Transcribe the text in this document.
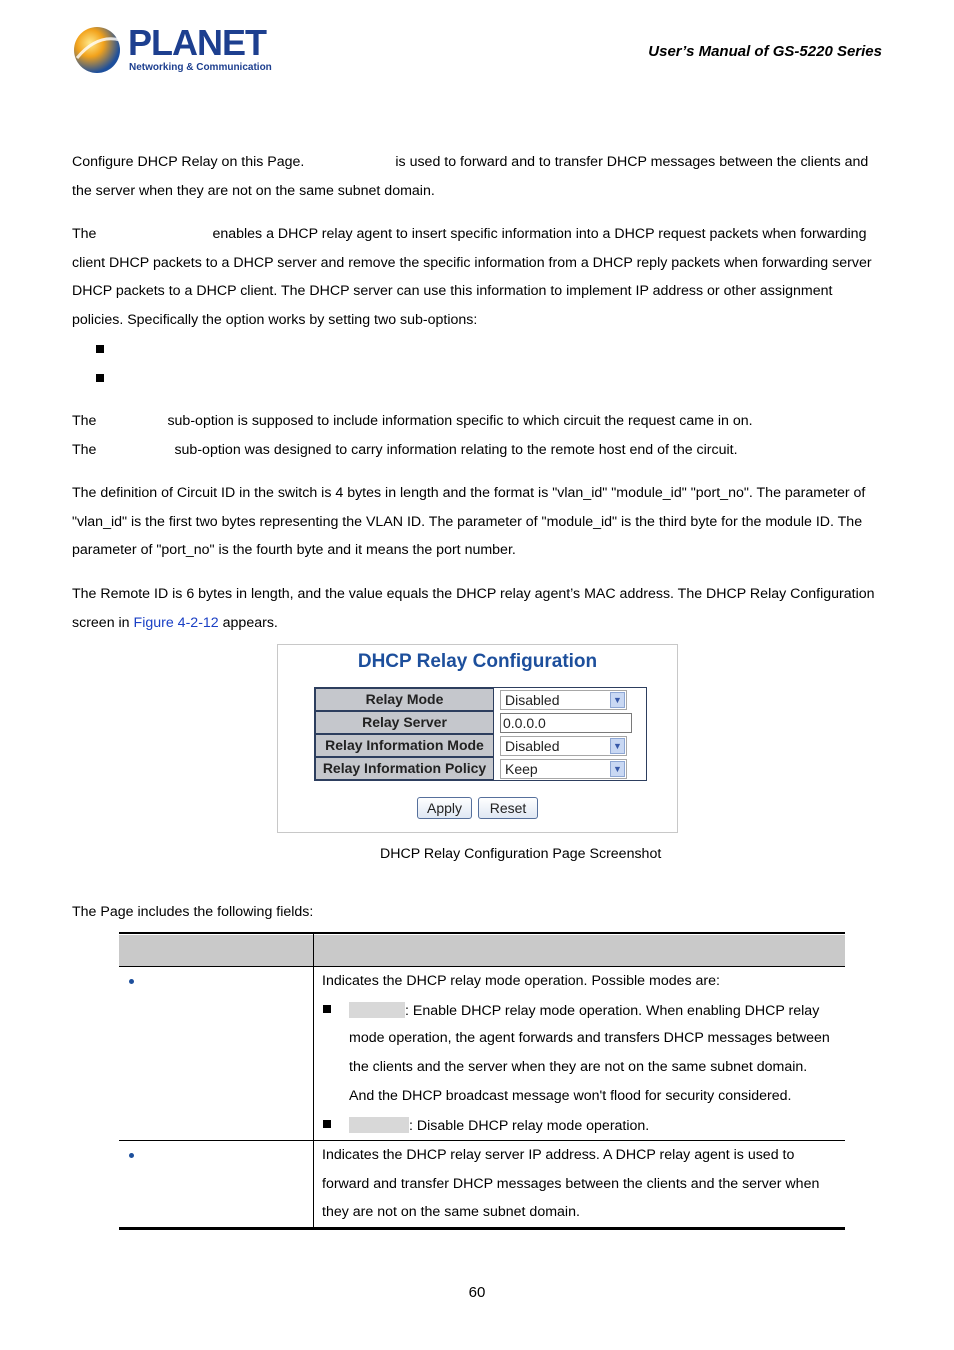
PLANET
Networking & Communication
User’s Manual of GS-5220 Series
Configure DHCP Relay on this Page.	is used to forward and to transfer DHCP messages between the clients and
the server when they are not on the same subnet domain.
The	enables a DHCP relay agent to insert specific information into a DHCP request packets when forwarding
client DHCP packets to a DHCP server and remove the specific information from a DHCP reply packets when forwarding server
DHCP packets to a DHCP client. The DHCP server can use this information to implement IP address or other assignment
policies. Specifically the option works by setting two sub-options:
The	sub-option is supposed to include information specific to which circuit the request came in on.
The	sub-option was designed to carry information relating to the remote host end of the circuit.
The definition of Circuit ID in the switch is 4 bytes in length and the format is "vlan_id" "module_id" "port_no". The parameter of
"vlan_id" is the first two bytes representing the VLAN ID. The parameter of "module_id" is the third byte for the module ID. The
parameter of "port_no" is the fourth byte and it means the port number.
The Remote ID is 6 bytes in length, and the value equals the DHCP relay agent’s MAC address. The DHCP Relay Configuration
screen in Figure 4-2-12 appears.
DHCP Relay Configuration
Relay Mode	Disabled	▼
Relay Server	0.0.0.0
Relay Information Mode	Disabled	▼
Relay Information Policy	Keep	▼
Apply	Reset
DHCP Relay Configuration Page Screenshot
The Page includes the following fields:
Indicates the DHCP relay mode operation. Possible modes are:
: Enable DHCP relay mode operation. When enabling DHCP relay
mode operation, the agent forwards and transfers DHCP messages between
the clients and the server when they are not on the same subnet domain.
And the DHCP broadcast message won't flood for security considered.
: Disable DHCP relay mode operation.
Indicates the DHCP relay server IP address. A DHCP relay agent is used to
forward and transfer DHCP messages between the clients and the server when
they are not on the same subnet domain.
60
